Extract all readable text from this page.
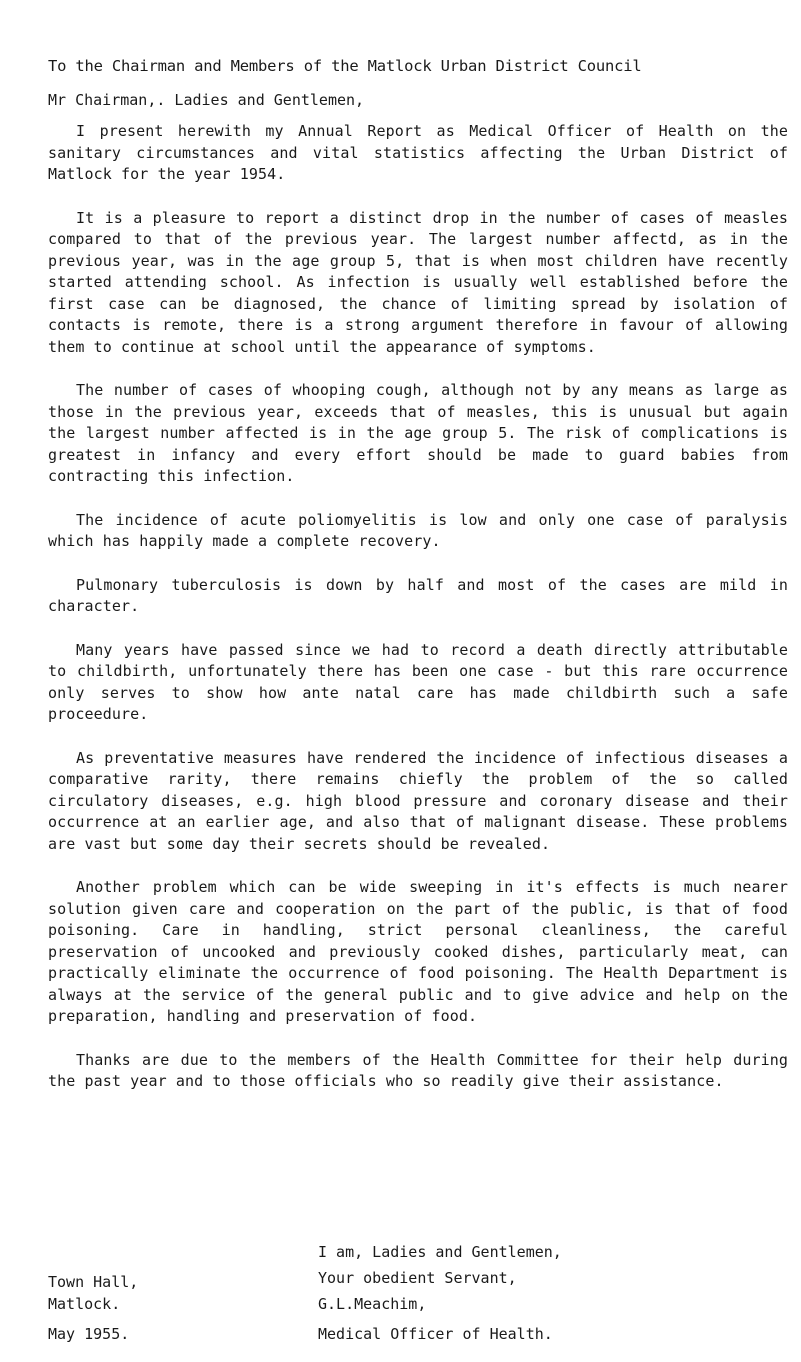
To the Chairman and Members of the Matlock Urban District Council

Mr Chairman,. Ladies and Gentlemen,

I present herewith my Annual Report as Medical Officer of Health on the sanitary circumstances and vital statistics affecting the Urban District of Matlock for the year 1954.

It is a pleasure to report a distinct drop in the number of cases of measles compared to that of the previous year. The largest number affectd, as in the previous year, was in the age group 5, that is when most children have recently started attending school. As infection is usually well established before the first case can be diagnosed, the chance of limiting spread by isolation of contacts is remote, there is a strong argument therefore in favour of allowing them to continue at school until the appearance of symptoms.

The number of cases of whooping cough, although not by any means as large as those in the previous year, exceeds that of measles, this is unusual but again the largest number affected is in the age group 5. The risk of complications is greatest in infancy and every effort should be made to guard babies from contracting this infection.

The incidence of acute poliomyelitis is low and only one case of paralysis which has happily made a complete recovery.

Pulmonary tuberculosis is down by half and most of the cases are mild in character.

Many years have passed since we had to record a death directly attributable to childbirth, unfortunately there has been one case - but this rare occurrence only serves to show how ante natal care has made childbirth such a safe proceedure.

As preventative measures have rendered the incidence of infectious diseases a comparative rarity, there remains chiefly the problem of the so called circulatory diseases, e.g. high blood pressure and coronary disease and their occurrence at an earlier age, and also that of malignant disease. These problems are vast but some day their secrets should be revealed.

Another problem which can be wide sweeping in it's effects is much nearer solution given care and cooperation on the part of the public, is that of food poisoning. Care in handling, strict personal cleanliness, the careful preservation of uncooked and previously cooked dishes, particularly meat, can practically eliminate the occurrence of food poisoning. The Health Department is always at the service of the general public and to give advice and help on the preparation, handling and preservation of food.

Thanks are due to the members of the Health Committee for their help during the past year and to those officials who so readily give their assistance.

I am, Ladies and Gentlemen,
Your obedient Servant,
G.L.Meachim,
Medical Officer of Health.
Town Hall,
Matlock.
May 1955.
